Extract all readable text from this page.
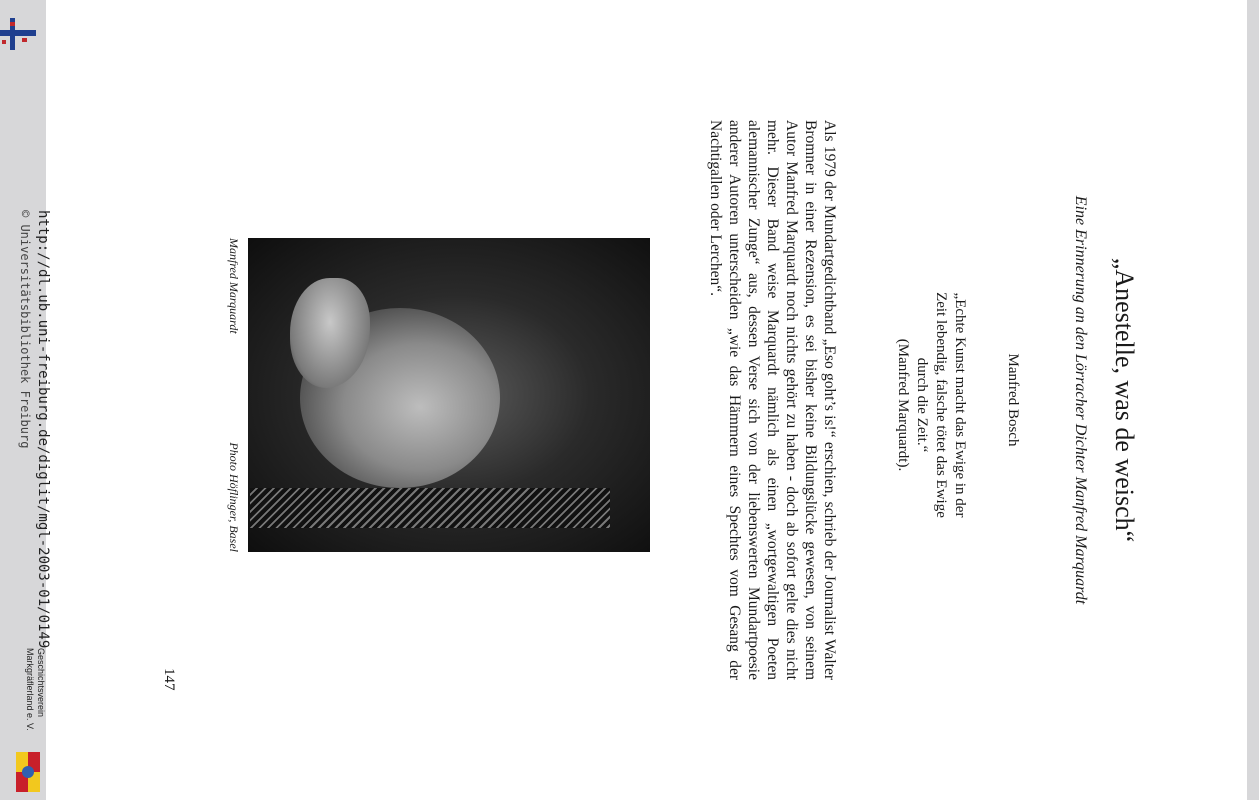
http://dl.ub.uni-freiburg.de/diglit/mgl-2003-01/0149
© Universitätsbibliothek Freiburg
Geschichtsverein
Markgräflerland e. V.
„Anestelle, was de weisch“
Eine Erinnerung an den Lörracher Dichter Manfred Marquardt
Manfred Bosch
„Echte Kunst macht das Ewige in der
Zeit lebendig, falsche tötet das Ewige
durch die Zeit.“
(Manfred Marquardt).
Als 1979 der Mundartgedichtband „Eso goht’s is!“ erschien, schrieb der Journalist Walter Bromner in einer Rezension, es sei bisher keine Bildungslücke gewesen, von seinem Autor Manfred Marquardt noch nichts gehört zu haben - doch ab sofort gelte dies nicht mehr. Dieser Band weise Marquardt nämlich als einen „wortgewaltigen Poeten alemannischer Zunge“ aus, dessen Verse sich von der liebenswerten Mundartpoesie anderer Autoren unterscheiden „wie das Hämmern eines Spechtes vom Gesang der Nachtigallen oder Lerchen“.
Manfred Marquardt
Photo Höflinger, Basel
147
